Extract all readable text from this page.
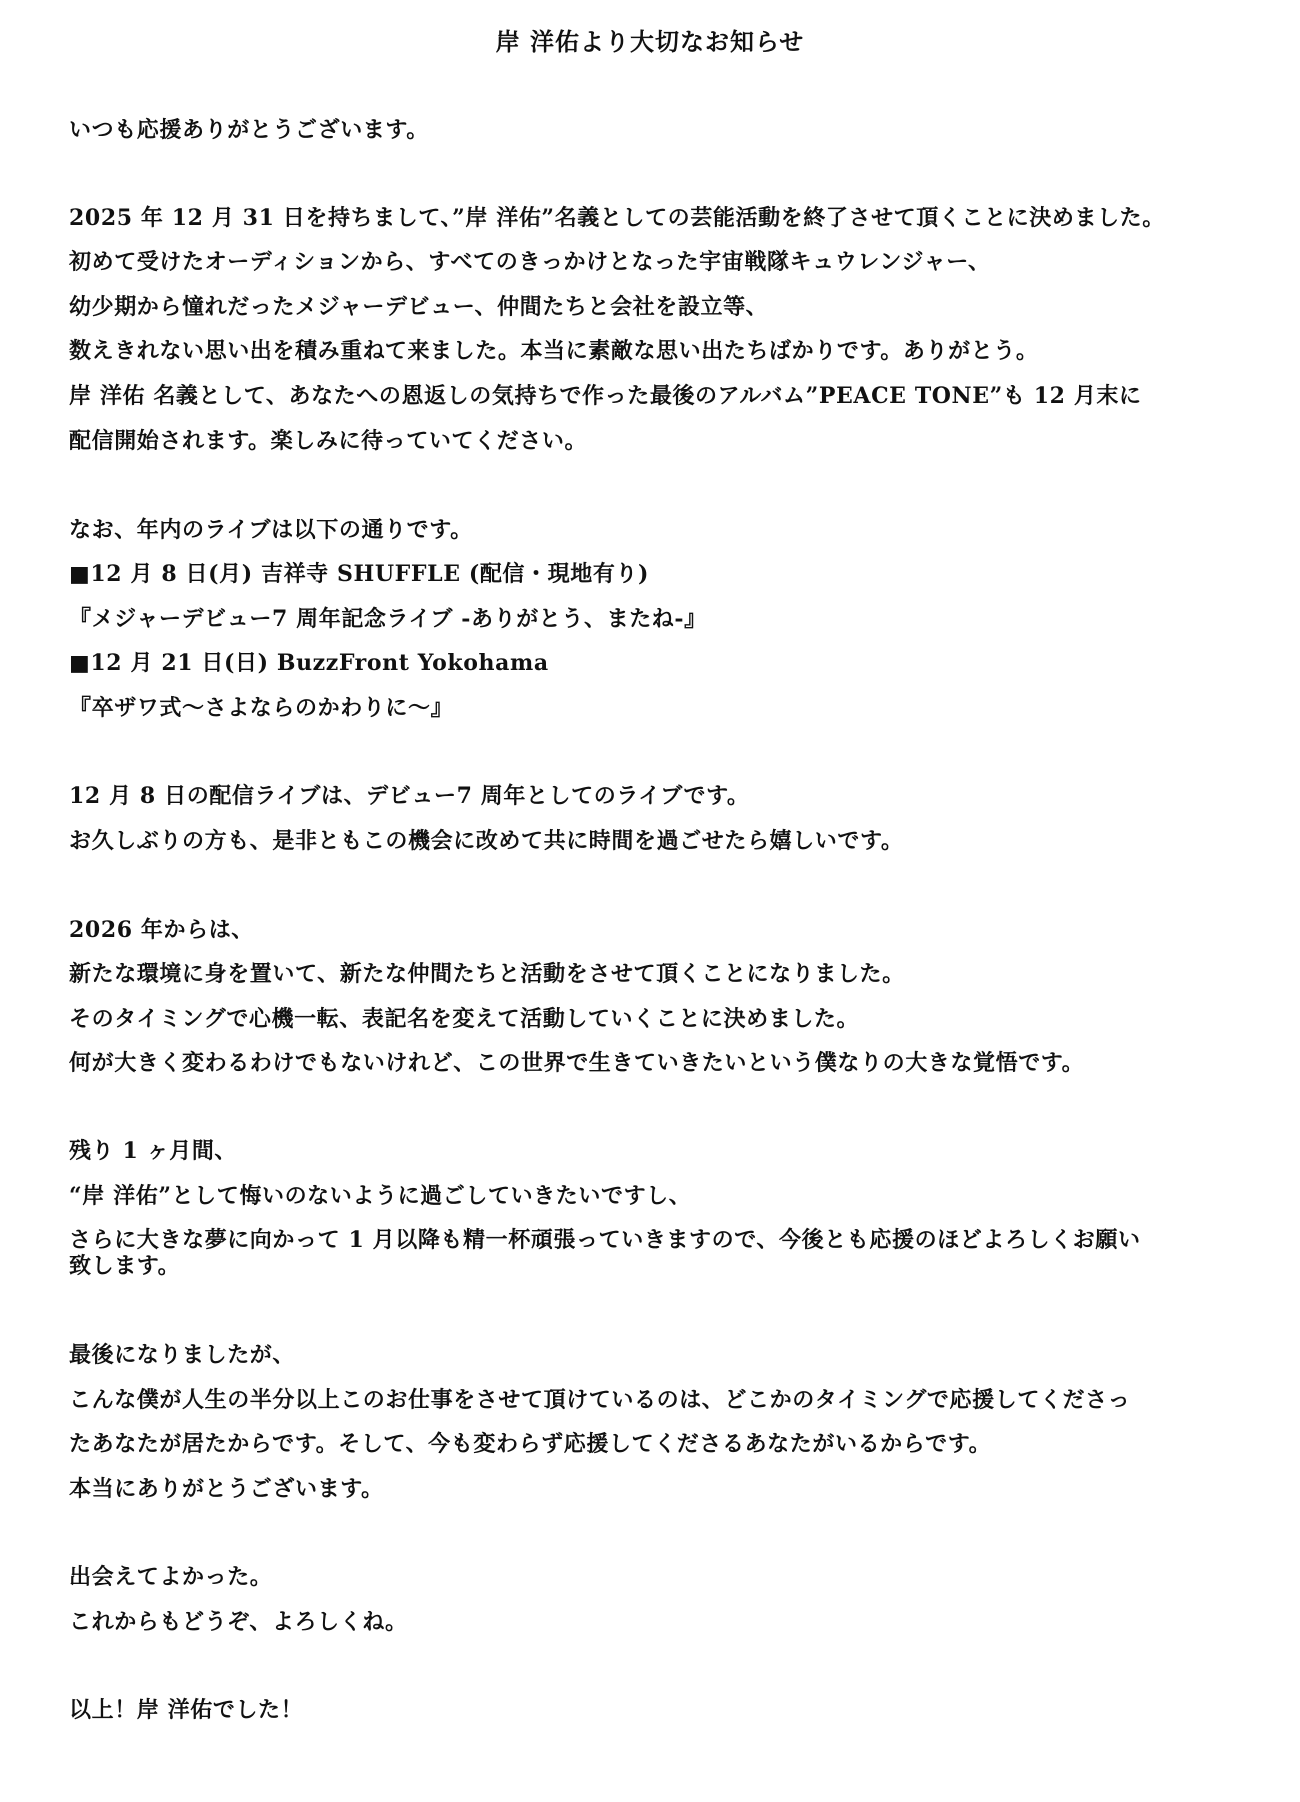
岸 洋佑より大切なお知らせ
いつも応援ありがとうございます。
2025 年 12 月 31 日を持ちまして、”岸 洋佑”名義としての芸能活動を終了させて頂くことに決めました。
初めて受けたオーディションから、すべてのきっかけとなった宇宙戦隊キュウレンジャー、
幼少期から憧れだったメジャーデビュー、仲間たちと会社を設立等、
数えきれない思い出を積み重ねて来ました。本当に素敵な思い出たちばかりです。ありがとう。
岸 洋佑 名義として、あなたへの恩返しの気持ちで作った最後のアルバム”PEACE TONE”も 12 月末に
配信開始されます。楽しみに待っていてください。
なお、年内のライブは以下の通りです。
■12 月 8 日(月) 吉祥寺 SHUFFLE (配信・現地有り)
『メジャーデビュー7 周年記念ライブ -ありがとう、またね-』
■12 月 21 日(日) BuzzFront Yokohama
『卒ザワ式〜さよならのかわりに〜』
12 月 8 日の配信ライブは、デビュー7 周年としてのライブです。
お久しぶりの方も、是非ともこの機会に改めて共に時間を過ごせたら嬉しいです。
2026 年からは、
新たな環境に身を置いて、新たな仲間たちと活動をさせて頂くことになりました。
そのタイミングで心機一転、表記名を変えて活動していくことに決めました。
何が大きく変わるわけでもないけれど、この世界で生きていきたいという僕なりの大きな覚悟です。
残り 1 ヶ月間、
“岸 洋佑”として悔いのないように過ごしていきたいですし、
さらに大きな夢に向かって 1 月以降も精一杯頑張っていきますので、今後とも応援のほどよろしくお願い
致します。
最後になりましたが、
こんな僕が人生の半分以上このお仕事をさせて頂けているのは、どこかのタイミングで応援してくださっ
たあなたが居たからです。そして、今も変わらず応援してくださるあなたがいるからです。
本当にありがとうございます。
出会えてよかった。
これからもどうぞ、よろしくね。
以上！岸 洋佑でした！
